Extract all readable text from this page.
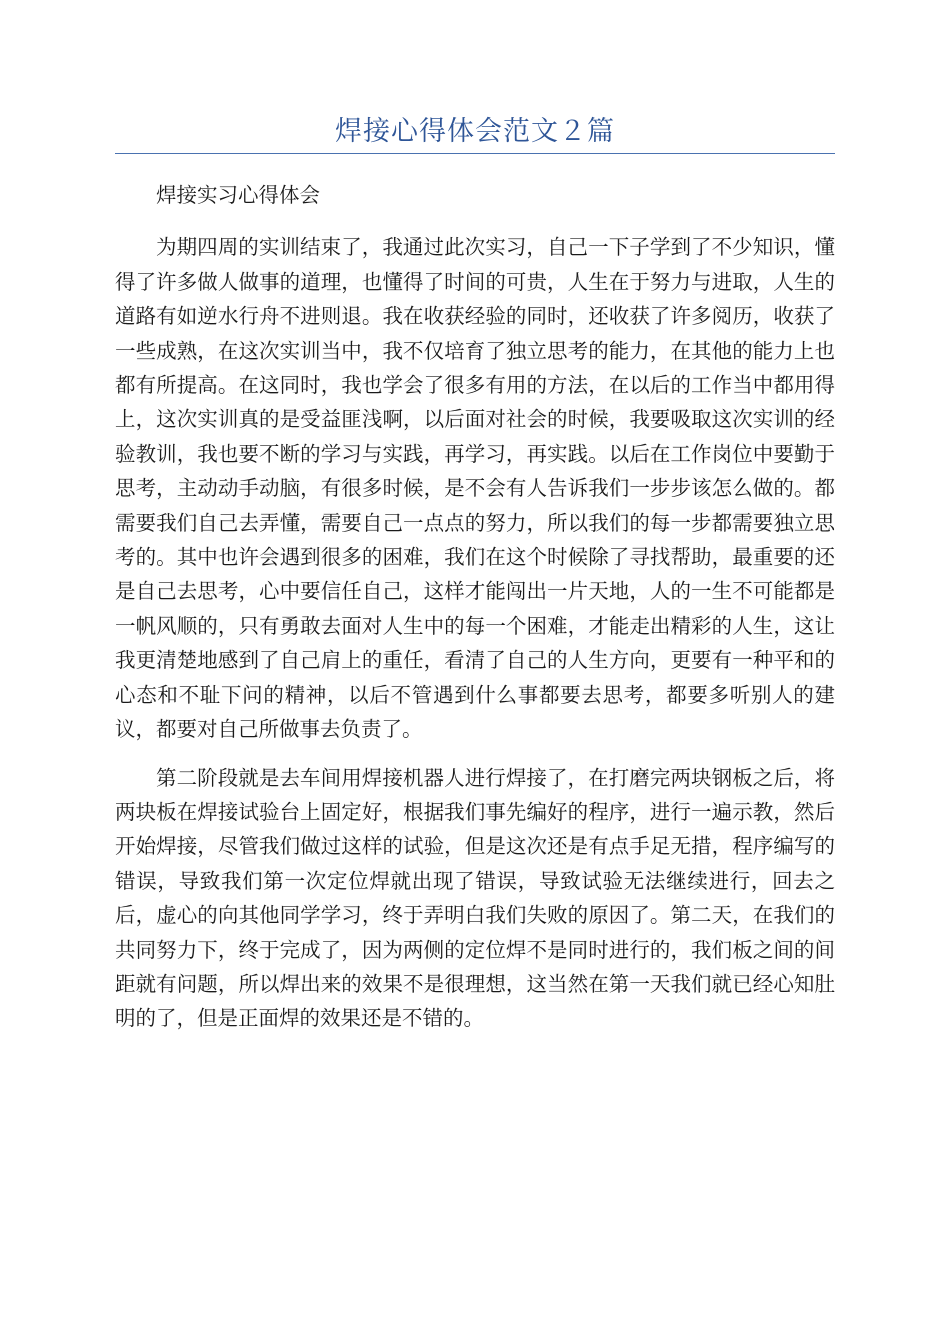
焊接心得体会范文２篇

焊接实习心得体会

为期四周的实训结束了，我通过此次实习，自己一下子学到了不少知识，懂得了许多做人做事的道理，也懂得了时间的可贵，人生在于努力与进取，人生的道路有如逆水行舟不进则退。我在收获经验的同时，还收获了许多阅历，收获了一些成熟，在这次实训当中，我不仅培育了独立思考的能力，在其他的能力上也都有所提高。在这同时，我也学会了很多有用的方法，在以后的工作当中都用得上，这次实训真的是受益匪浅啊，以后面对社会的时候，我要吸取这次实训的经验教训，我也要不断的学习与实践，再学习，再实践。以后在工作岗位中要勤于思考，主动动手动脑，有很多时候，是不会有人告诉我们一步步该怎么做的。都需要我们自己去弄懂，需要自己一点点的努力，所以我们的每一步都需要独立思考的。其中也许会遇到很多的困难，我们在这个时候除了寻找帮助，最重要的还是自己去思考，心中要信任自己，这样才能闯出一片天地，人的一生不可能都是一帆风顺的，只有勇敢去面对人生中的每一个困难，才能走出精彩的人生，这让我更清楚地感到了自己肩上的重任，看清了自己的人生方向，更要有一种平和的心态和不耻下问的精神，以后不管遇到什么事都要去思考，都要多听别人的建议，都要对自己所做事去负责了。

第二阶段就是去车间用焊接机器人进行焊接了，在打磨完两块钢板之后，将两块板在焊接试验台上固定好，根据我们事先编好的程序，进行一遍示教，然后开始焊接，尽管我们做过这样的试验，但是这次还是有点手足无措，程序编写的错误，导致我们第一次定位焊就出现了错误，导致试验无法继续进行，回去之后，虚心的向其他同学学习，终于弄明白我们失败的原因了。第二天，在我们的共同努力下，终于完成了，因为两侧的定位焊不是同时进行的，我们板之间的间距就有问题，所以焊出来的效果不是很理想，这当然在第一天我们就已经心知肚明的了，但是正面焊的效果还是不错的。
